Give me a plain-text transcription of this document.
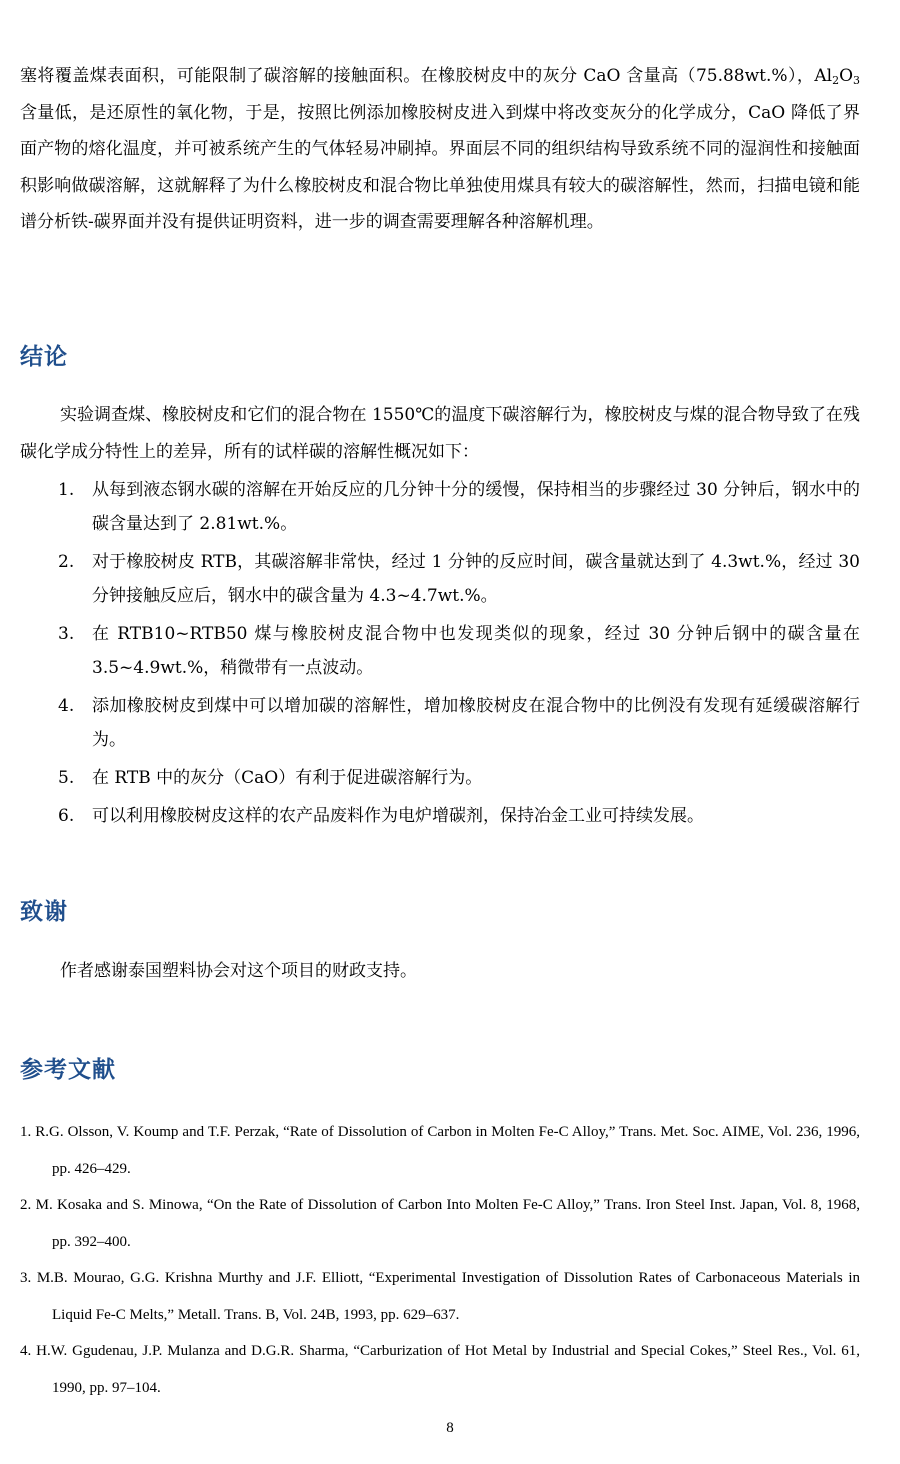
塞将覆盖煤表面积，可能限制了碳溶解的接触面积。在橡胶树皮中的灰分 CaO 含量高（75.88wt.%），$Al_2O_3$ 含量低，是还原性的氧化物，于是，按照比例添加橡胶树皮进入到煤中将改变灰分的化学成分，CaO 降低了界面产物的熔化温度，并可被系统产生的气体轻易冲刷掉。界面层不同的组织结构导致系统不同的湿润性和接触面积影响做碳溶解，这就解释了为什么橡胶树皮和混合物比单独使用煤具有较大的碳溶解性，然而，扫描电镜和能谱分析铁-碳界面并没有提供证明资料，进一步的调查需要理解各种溶解机理。

结论

实验调查煤、橡胶树皮和它们的混合物在 1550℃的温度下碳溶解行为，橡胶树皮与煤的混合物导致了在残碳化学成分特性上的差异，所有的试样碳的溶解性概况如下：

1. 从每到液态钢水碳的溶解在开始反应的几分钟十分的缓慢，保持相当的步骤经过 30 分钟后，钢水中的碳含量达到了 2.81wt.%。
2. 对于橡胶树皮 RTB，其碳溶解非常快，经过 1 分钟的反应时间，碳含量就达到了 4.3wt.%，经过 30 分钟接触反应后，钢水中的碳含量为 4.3~4.7wt.%。
3. 在 RTB10~RTB50 煤与橡胶树皮混合物中也发现类似的现象，经过 30 分钟后钢中的碳含量在 3.5~4.9wt.%，稍微带有一点波动。
4. 添加橡胶树皮到煤中可以增加碳的溶解性，增加橡胶树皮在混合物中的比例没有发现有延缓碳溶解行为。
5. 在 RTB 中的灰分（CaO）有利于促进碳溶解行为。
6. 可以利用橡胶树皮这样的农产品废料作为电炉增碳剂，保持冶金工业可持续发展。
致谢

作者感谢泰国塑料协会对这个项目的财政支持。

参考文献
1. R.G. Olsson, V. Koump and T.F. Perzak, “Rate of Dissolution of Carbon in Molten Fe-C Alloy,” Trans. Met. Soc. AIME, Vol. 236, 1996, pp. 426–429.
2. M. Kosaka and S. Minowa, “On the Rate of Dissolution of Carbon Into Molten Fe-C Alloy,” Trans. Iron Steel Inst. Japan, Vol. 8, 1968, pp. 392–400.
3. M.B. Mourao, G.G. Krishna Murthy and J.F. Elliott, “Experimental Investigation of Dissolution Rates of Carbonaceous Materials in Liquid Fe-C Melts,” Metall. Trans. B, Vol. 24B, 1993, pp. 629–637.
4. H.W. Ggudenau, J.P. Mulanza and D.G.R. Sharma, “Carburization of Hot Metal by Industrial and Special Cokes,” Steel Res., Vol. 61, 1990, pp. 97–104.
8
